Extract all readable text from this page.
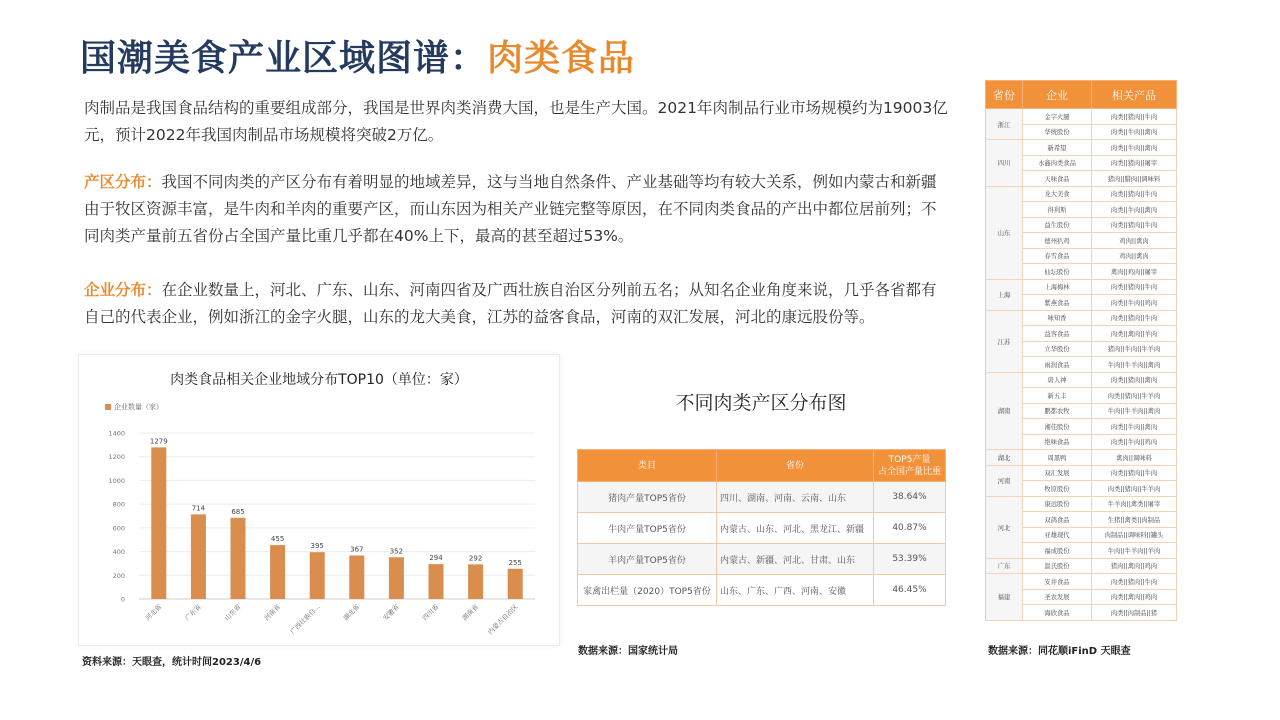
国潮美食产业区域图谱：肉类食品
肉制品是我国食品结构的重要组成部分，我国是世界肉类消费大国，也是生产大国。2021年肉制品行业市场规模约为19003亿元，预计2022年我国肉制品市场规模将突破2万亿。
产区分布：我国不同肉类的产区分布有着明显的地域差异，这与当地自然条件、产业基础等均有较大关系，例如内蒙古和新疆由于牧区资源丰富，是牛肉和羊肉的重要产区，而山东因为相关产业链完整等原因，在不同肉类食品的产出中都位居前列；不同肉类产量前五省份占全国产量比重几乎都在40%上下，最高的甚至超过53%。
企业分布：在企业数量上，河北、广东、山东、河南四省及广西壮族自治区分列前五名；从知名企业角度来说，几乎各省都有自己的代表企业，例如浙江的金字火腿，山东的龙大美食，江苏的益客食品，河南的双汇发展，河北的康远股份等。
肉类食品相关企业地域分布TOP10（单位：家）
企业数量（家）
0
200
400
600
800
1000
1200
1400
1279
河北省
714
广东省
685
山东省
455
河南省
395
广西壮族自...
367
湖北省
352
安徽省
294
四川省
292
湖南省
255
内蒙古自治区
资料来源：天眼查，统计时间2023/4/6
不同肉类产区分布图
类目	省份	TOP5产量
占全国产量比重
猪肉产量TOP5省份	四川、湖南、河南、云南、山东	38.64%
牛肉产量TOP5省份	内蒙古、山东、河北、黑龙江、新疆	40.87%
羊肉产量TOP5省份	内蒙古、新疆、河北、甘肃、山东	53.39%
家禽出栏量（2020）TOP5省份	山东、广东、广西、河南、安徽	46.45%
数据来源：国家统计局
省份	企业	相关产品
浙江	金字火腿	肉类||猪肉||牛肉
	华统股份	肉类||牛肉||禽肉
四川	新希望	肉类||牛肉||禽肉
	永鑫肉类食品	肉类||猪肉||屠宰
	天味食品	猪肉||腊肉||调味料
山东	龙大美食	肉类||猪肉||牛肉
	得利斯	肉类||牛肉||禽肉
	益生股份	肉类||猪肉||牛肉
	德州扒鸡	鸡肉||禽肉
	春雪食品	鸡肉||禽肉
	仙坛股份	禽肉||鸡肉||屠宰
上海	上海梅林	肉类||猪肉||牛肉
	紫燕食品	肉类||牛肉||鸡肉
江苏	味知香	肉类||猪肉||牛肉
	益客食品	肉类||禽肉||羊肉
	立华股份	猪肉||牛肉||牛羊肉
	雨润食品	牛肉||牛羊肉||禽肉
湖南	唐人神	肉类||猪肉||禽肉
	新五丰	肉类||猪肉||牛羊肉
	鹏都农牧	牛肉||牛羊肉||禽肉
	湘佳股份	肉类||牛肉||禽肉
	绝味食品	肉类||牛肉||鸡肉
湖北	周黑鸭	禽肉||调味料
河南	双汇发展	肉类||猪肉||牛肉
	牧原股份	肉类||猪肉||牛羊肉
河北	康远股份	牛羊肉||禽类||屠宰
	双鸽食品	生猪||禽类||肉制品
	亚雄现代	肉制品||调味料||罐头
	福成股份	牛肉||牛羊肉||羊肉
广东	温氏股份	猪肉||禽肉||鸡肉
福建	安井食品	肉类||猪肉||牛肉
	圣农发展	肉类||禽肉||鸡肉
	海欣食品	肉类||肉制品||猪
数据来源：同花顺iFinD 天眼查
